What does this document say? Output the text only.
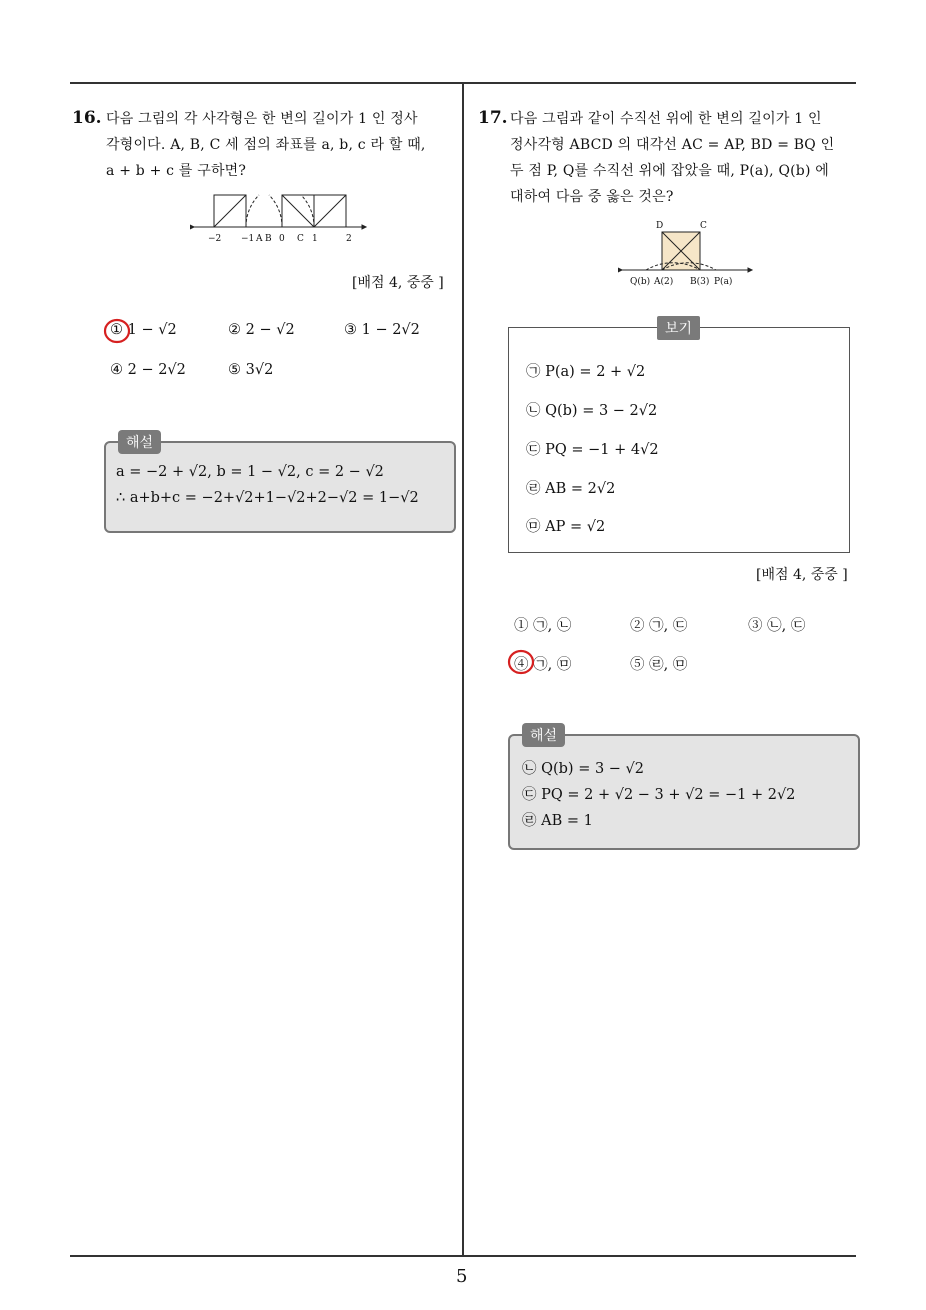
5
16. 다음 그림의 각 사각형은 한 변의 길이가 1 인 정사
각형이다. A, B, C 세 점의 좌표를 a, b, c 라 할 때,
a + b + c 를 구하면?
−2 −1 A B 0 C 1	2
[배점 4, 중중 ]
① 1 − √2	② 2 − √2	③ 1 − 2√2
④ 2 − 2√2	⑤ 3√2
해설
a = −2 + √2, b = 1 − √2, c = 2 − √2
∴ a+b+c = −2+√2+1−√2+2−√2 = 1−√2
17. 다음 그림과 같이 수직선 위에 한 변의 길이가 1 인
정사각형 ABCD 의 대각선 AC = AP, BD = BQ 인
두 점 P, Q를 수직선 위에 잡았을 때, P(a), Q(b) 에
대하여 다음 중 옳은 것은?
D	C
Q(b) A(2) B(3) P(a)
보기
㉠ P(a) = 2 + √2
㉡ Q(b) = 3 − 2√2
㉢ PQ = −1 + 4√2
㉣ AB = 2√2
㉤ AP = √2
[배점 4, 중중 ]
① ㉠, ㉡	② ㉠, ㉢	③ ㉡, ㉢
④ ㉠, ㉤	⑤ ㉣, ㉤
해설
㉡ Q(b) = 3 − √2
㉢ PQ = 2 + √2 − 3 + √2 = −1 + 2√2
㉣ AB = 1
